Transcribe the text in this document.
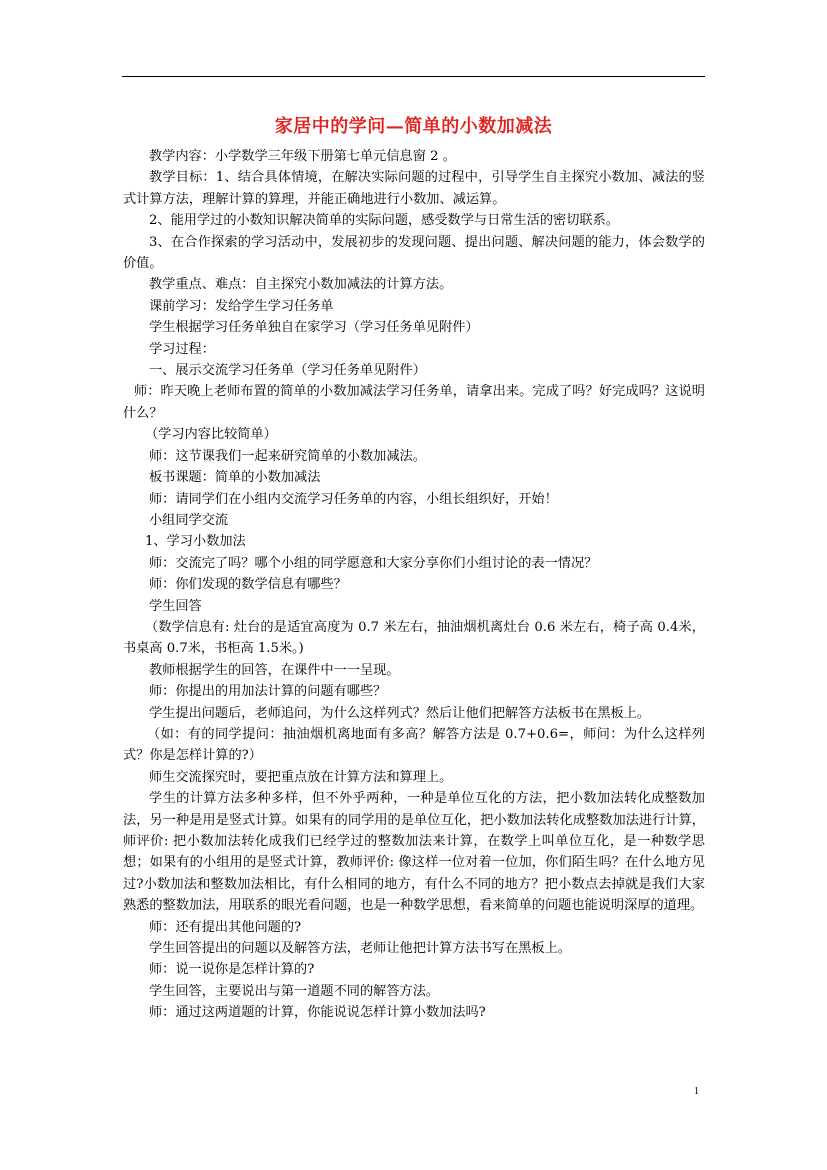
家居中的学问—简单的小数加减法

教学内容：小学数学三年级下册第七单元信息窗 2 。

教学目标：1、结合具体情境，在解决实际问题的过程中，引导学生自主探究小数加、减法的竖式计算方法，理解计算的算理，并能正确地进行小数加、减运算。

2、能用学过的小数知识解决简单的实际问题，感受数学与日常生活的密切联系。

3、在合作探索的学习活动中，发展初步的发现问题、提出问题、解决问题的能力，体会数学的价值。

教学重点、难点：自主探究小数加减法的计算方法。

课前学习：发给学生学习任务单

学生根据学习任务单独自在家学习（学习任务单见附件）

学习过程：

一、展示交流学习任务单（学习任务单见附件）

师：昨天晚上老师布置的简单的小数加减法学习任务单，请拿出来。完成了吗？好完成吗？这说明什么？

（学习内容比较简单）

师：这节课我们一起来研究简单的小数加减法。

板书课题：简单的小数加减法

师：请同学们在小组内交流学习任务单的内容，小组长组织好，开始！

小组同学交流

1、学习小数加法

师：交流完了吗？哪个小组的同学愿意和大家分享你们小组讨论的表一情况？

师：你们发现的数学信息有哪些？

学生回答

（数学信息有: 灶台的是适宜高度为 0.7 米左右，抽油烟机离灶台 0.6 米左右，椅子高 0.4米，书桌高 0.7米，书柜高 1.5米。)

教师根据学生的回答，在课件中一一呈现。

师：你提出的用加法计算的问题有哪些？

学生提出问题后，老师追问，为什么这样列式？然后让他们把解答方法板书在黑板上。

（如：有的同学提问：抽油烟机离地面有多高？解答方法是 0.7+0.6=，师问：为什么这样列式？你是怎样计算的?）

师生交流探究时，要把重点放在计算方法和算理上。

学生的计算方法多种多样，但不外乎两种，一种是单位互化的方法，把小数加法转化成整数加法，另一种是用是竖式计算。如果有的同学用的是单位互化，把小数加法转化成整数加法进行计算，师评价: 把小数加法转化成我们已经学过的整数加法来计算，在数学上叫单位互化，是一种数学思想；如果有的小组用的是竖式计算，教师评价: 像这样一位对着一位加，你们陌生吗？在什么地方见过?小数加法和整数加法相比，有什么相同的地方，有什么不同的地方？把小数点去掉就是我们大家熟悉的整数加法，用联系的眼光看问题，也是一种数学思想，看来简单的问题也能说明深厚的道理。

师：还有提出其他问题的?

学生回答提出的问题以及解答方法，老师让他把计算方法书写在黑板上。

师：说一说你是怎样计算的?

学生回答，主要说出与第一道题不同的解答方法。

师：通过这两道题的计算，你能说说怎样计算小数加法吗?

1
